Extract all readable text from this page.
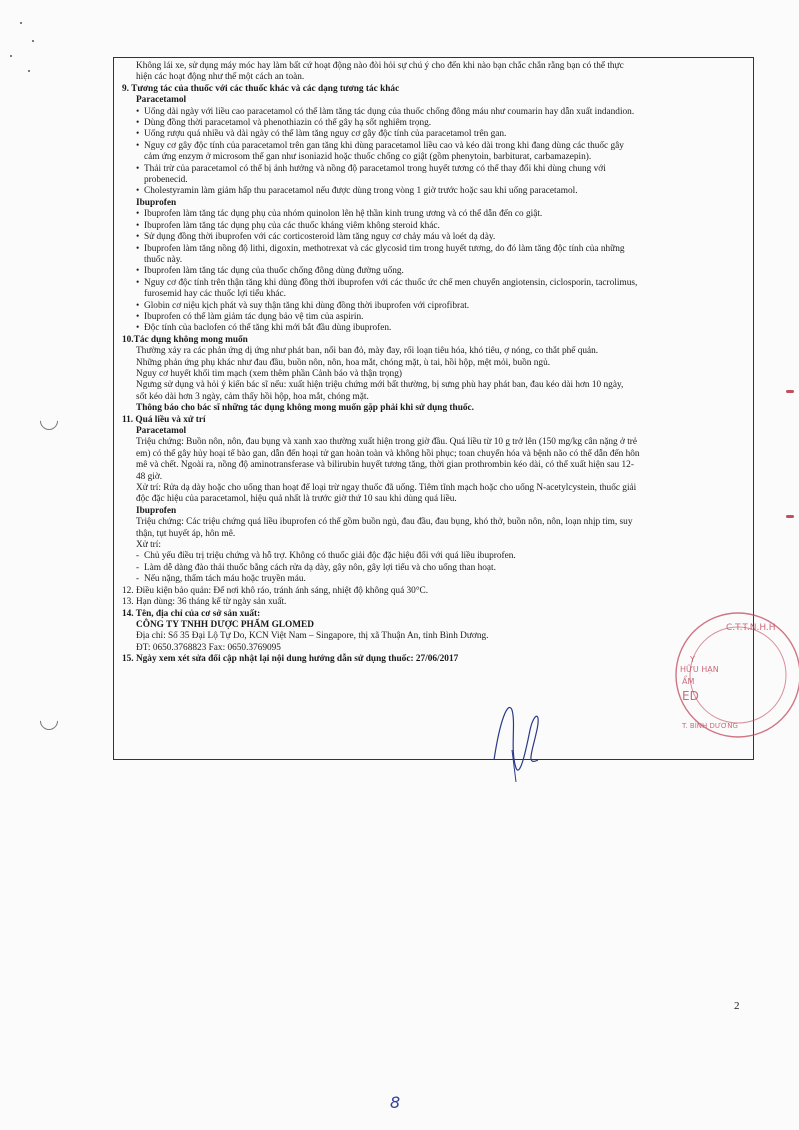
Không lái xe, sử dụng máy móc hay làm bất cứ hoạt động nào đòi hỏi sự chú ý cho đến khi nào bạn chắc chắn rằng bạn có thể thực
hiện các hoạt động như thế một cách an toàn.
9. Tương tác của thuốc với các thuốc khác và các dạng tương tác khác
Paracetamol
• Uống dài ngày với liều cao paracetamol có thể làm tăng tác dụng của thuốc chống đông máu như coumarin hay dẫn xuất indandion.
• Dùng đồng thời paracetamol và phenothiazin có thể gây hạ sốt nghiêm trọng.
• Uống rượu quá nhiều và dài ngày có thể làm tăng nguy cơ gây độc tính của paracetamol trên gan.
• Nguy cơ gây độc tính của paracetamol trên gan tăng khi dùng paracetamol liều cao và kéo dài trong khi đang dùng các thuốc gây
cảm ứng enzym ở microsom thể gan như isoniazid hoặc thuốc chống co giật (gồm phenytoin, barbiturat, carbamazepin).
• Thải trừ của paracetamol có thể bị ảnh hưởng và nồng độ paracetamol trong huyết tương có thể thay đổi khi dùng chung với
probenecid.
• Cholestyramin làm giảm hấp thu paracetamol nếu được dùng trong vòng 1 giờ trước hoặc sau khi uống paracetamol.
Ibuprofen
• Ibuprofen làm tăng tác dụng phụ của nhóm quinolon lên hệ thần kinh trung ương và có thể dẫn đến co giật.
• Ibuprofen làm tăng tác dụng phụ của các thuốc kháng viêm không steroid khác.
• Sử dụng đồng thời ibuprofen với các corticosteroid làm tăng nguy cơ chảy máu và loét dạ dày.
• Ibuprofen làm tăng nồng độ lithi, digoxin, methotrexat và các glycosid tim trong huyết tương, do đó làm tăng độc tính của những
thuốc này.
• Ibuprofen làm tăng tác dụng của thuốc chống đông dùng đường uống.
• Nguy cơ độc tính trên thận tăng khi dùng đồng thời ibuprofen với các thuốc ức chế men chuyển angiotensin, ciclosporin, tacrolimus,
furosemid hay các thuốc lợi tiểu khác.
• Globin cơ niệu kịch phát và suy thận tăng khi dùng đồng thời ibuprofen với ciprofibrat.
• Ibuprofen có thể làm giảm tác dụng bảo vệ tim của aspirin.
• Độc tính của baclofen có thể tăng khi mới bắt đầu dùng ibuprofen.
10.Tác dụng không mong muốn
Thường xảy ra các phản ứng dị ứng như phát ban, nổi ban đỏ, mày đay, rối loạn tiêu hóa, khó tiêu, ợ nóng, co thắt phế quản.
Những phản ứng phụ khác như đau đầu, buồn nôn, nôn, hoa mắt, chóng mặt, ù tai, hồi hộp, mệt mỏi, buồn ngủ.
Nguy cơ huyết khối tim mạch (xem thêm phần Cảnh báo và thận trọng)
Ngưng sử dụng và hỏi ý kiến bác sĩ nếu: xuất hiện triệu chứng mới bất thường, bị sưng phù hay phát ban, đau kéo dài hơn 10 ngày,
sốt kéo dài hơn 3 ngày, cảm thấy hồi hộp, hoa mắt, chóng mặt.
Thông báo cho bác sĩ những tác dụng không mong muốn gặp phải khi sử dụng thuốc.
11. Quá liều và xử trí
Paracetamol
Triệu chứng: Buồn nôn, nôn, đau bụng và xanh xao thường xuất hiện trong giờ đầu. Quá liều từ 10 g trở lên (150 mg/kg cân nặng ở trẻ
em) có thể gây hủy hoại tế bào gan, dẫn đến hoại tử gan hoàn toàn và không hồi phục; toan chuyển hóa và bệnh não có thể dẫn đến hôn
mê và chết. Ngoài ra, nồng độ aminotransferase và bilirubin huyết tương tăng, thời gian prothrombin kéo dài, có thể xuất hiện sau 12-
48 giờ.
Xử trí: Rửa dạ dày hoặc cho uống than hoạt để loại trừ ngay thuốc đã uống. Tiêm tĩnh mạch hoặc cho uống N-acetylcystein, thuốc giải
độc đặc hiệu của paracetamol, hiệu quả nhất là trước giờ thứ 10 sau khi dùng quá liều.
Ibuprofen
Triệu chứng: Các triệu chứng quá liều ibuprofen có thể gồm buồn ngủ, đau đầu, đau bụng, khó thở, buồn nôn, nôn, loạn nhịp tim, suy
thận, tụt huyết áp, hôn mê.
Xử trí:
- Chủ yếu điều trị triệu chứng và hỗ trợ. Không có thuốc giải độc đặc hiệu đối với quá liều ibuprofen.
- Làm dễ dàng đào thải thuốc bằng cách rửa dạ dày, gây nôn, gây lợi tiểu và cho uống than hoạt.
- Nếu nặng, thẩm tách máu hoặc truyền máu.
12. Điều kiện bảo quản: Để nơi khô ráo, tránh ánh sáng, nhiệt độ không quá 30°C.
13. Hạn dùng: 36 tháng kể từ ngày sản xuất.
14. Tên, địa chỉ của cơ sở sản xuất:
CÔNG TY TNHH DƯỢC PHẨM GLOMED
Địa chỉ: Số 35 Đại Lộ Tự Do, KCN Việt Nam – Singapore, thị xã Thuận An, tỉnh Bình Dương.
ĐT: 0650.3768823 Fax: 0650.3769095
15. Ngày xem xét sửa đổi cập nhật lại nội dung hướng dẫn sử dụng thuốc: 27/06/2017
C.T.T.N.H.H
Y
HỮU HẠN
ẨM
ED
T. BÌNH DƯƠNG
2
8
